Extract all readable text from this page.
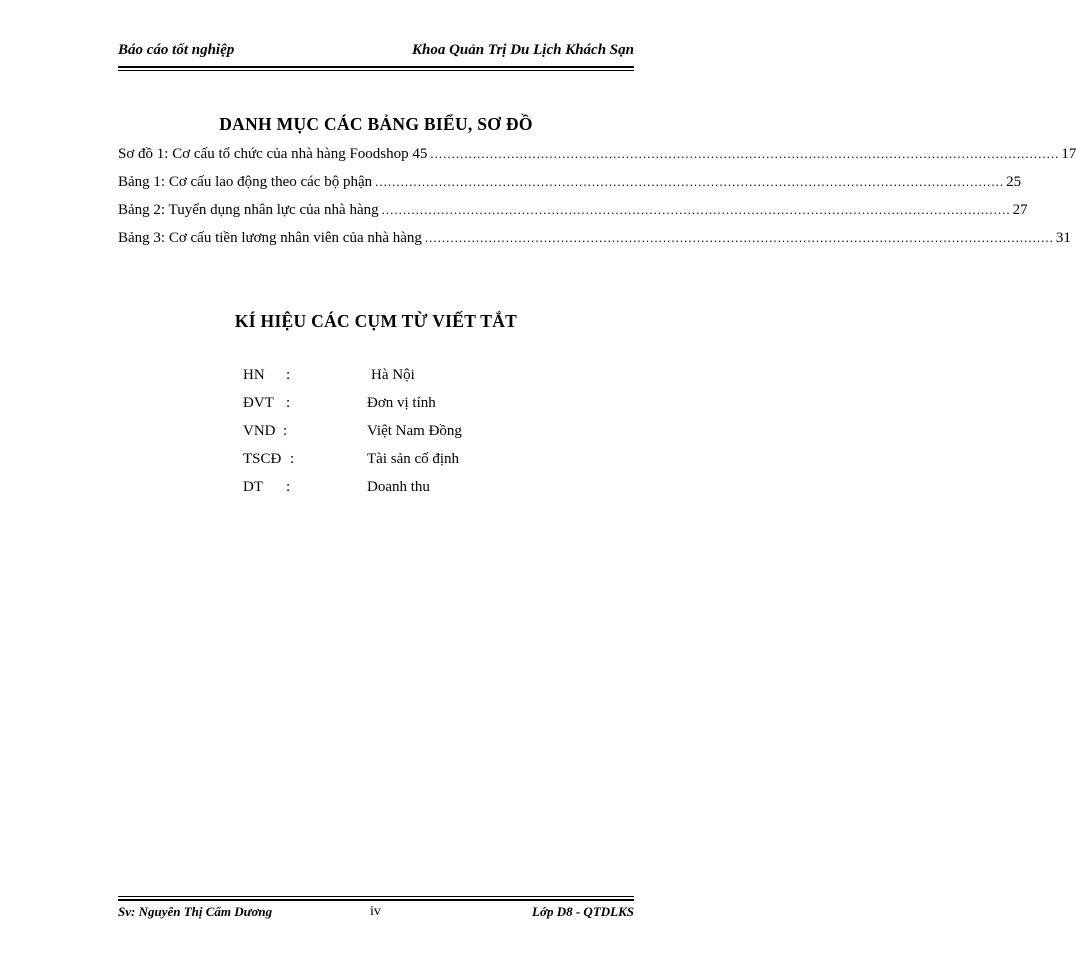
Báo cáo tốt nghiệp	Khoa Quản Trị Du Lịch Khách Sạn
DANH MỤC CÁC BẢNG BIỂU, SƠ ĐỒ
Sơ đồ 1: Cơ cấu tổ chức của nhà hàng Foodshop 45 .................................................................................................................................................... 17
Bảng 1: Cơ cấu lao động theo các bộ phận .................................................................................................................................................... 25
Bảng 2: Tuyển dụng nhân lực của nhà hàng .................................................................................................................................................... 27
Bảng 3: Cơ cấu tiền lương nhân viên của nhà hàng .................................................................................................................................................... 31
KÍ HIỆU CÁC CỤM TỪ VIẾT TẮT
HN :	Hà Nội
ĐVT :	Đơn vị tính
VND :	Việt Nam Đồng
TSCĐ :	Tài sản cố định
DT :	Doanh thu
Sv: Nguyên Thị Cẩm Dương	iv	Lớp D8 - QTDLKS
